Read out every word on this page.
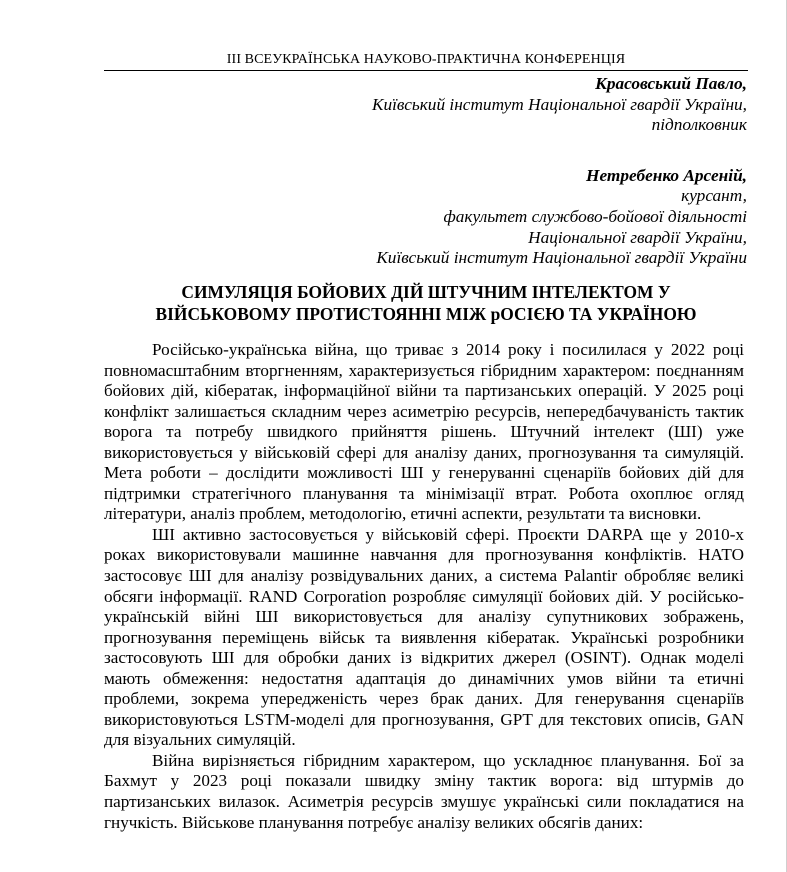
III ВСЕУКРАЇНСЬКА НАУКОВО-ПРАКТИЧНА КОНФЕРЕНЦІЯ
Красовський Павло,
Київський інститут Національної гвардії України,
підполковник
Нетребенко Арсеній,
курсант,
факультет службово-бойової діяльності
Національної гвардії України,
Київський інститут Національної гвардії України
СИМУЛЯЦІЯ БОЙОВИХ ДІЙ ШТУЧНИМ ІНТЕЛЕКТОМ У
ВІЙСЬКОВОМУ ПРОТИСТОЯННІ МІЖ рОСІЄЮ ТА УКРАЇНОЮ

Російсько-українська війна, що триває з 2014 року і посилилася у 2022 році повномасштабним вторгненням, характеризується гібридним характером: поєднанням бойових дій, кібератак, інформаційної війни та партизанських операцій. У 2025 році конфлікт залишається складним через асиметрію ресурсів, непередбачуваність тактик ворога та потребу швидкого прийняття рішень. Штучний інтелект (ШІ) уже використовується у військовій сфері для аналізу даних, прогнозування та симуляцій. Мета роботи – дослідити можливості ШІ у генеруванні сценаріїв бойових дій для підтримки стратегічного планування та мінімізації втрат. Робота охоплює огляд літератури, аналіз проблем, методологію, етичні аспекти, результати та висновки.

ШІ активно застосовується у військовій сфері. Проєкти DARPA ще у 2010-х роках використовували машинне навчання для прогнозування конфліктів. НАТО застосовує ШІ для аналізу розвідувальних даних, а система Palantir обробляє великі обсяги інформації. RAND Corporation розробляє симуляції бойових дій. У російсько-українській війні ШІ використовується для аналізу супутникових зображень, прогнозування переміщень військ та виявлення кібератак. Українські розробники застосовують ШІ для обробки даних із відкритих джерел (OSINT). Однак моделі мають обмеження: недостатня адаптація до динамічних умов війни та етичні проблеми, зокрема упередженість через брак даних. Для генерування сценаріїв використовуються LSTM-моделі для прогнозування, GPT для текстових описів, GAN для візуальних симуляцій.

Війна вирізняється гібридним характером, що ускладнює планування. Бої за Бахмут у 2023 році показали швидку зміну тактик ворога: від штурмів до партизанських вилазок. Асиметрія ресурсів змушує українські сили покладатися на гнучкість. Військове планування потребує аналізу великих обсягів даних:
